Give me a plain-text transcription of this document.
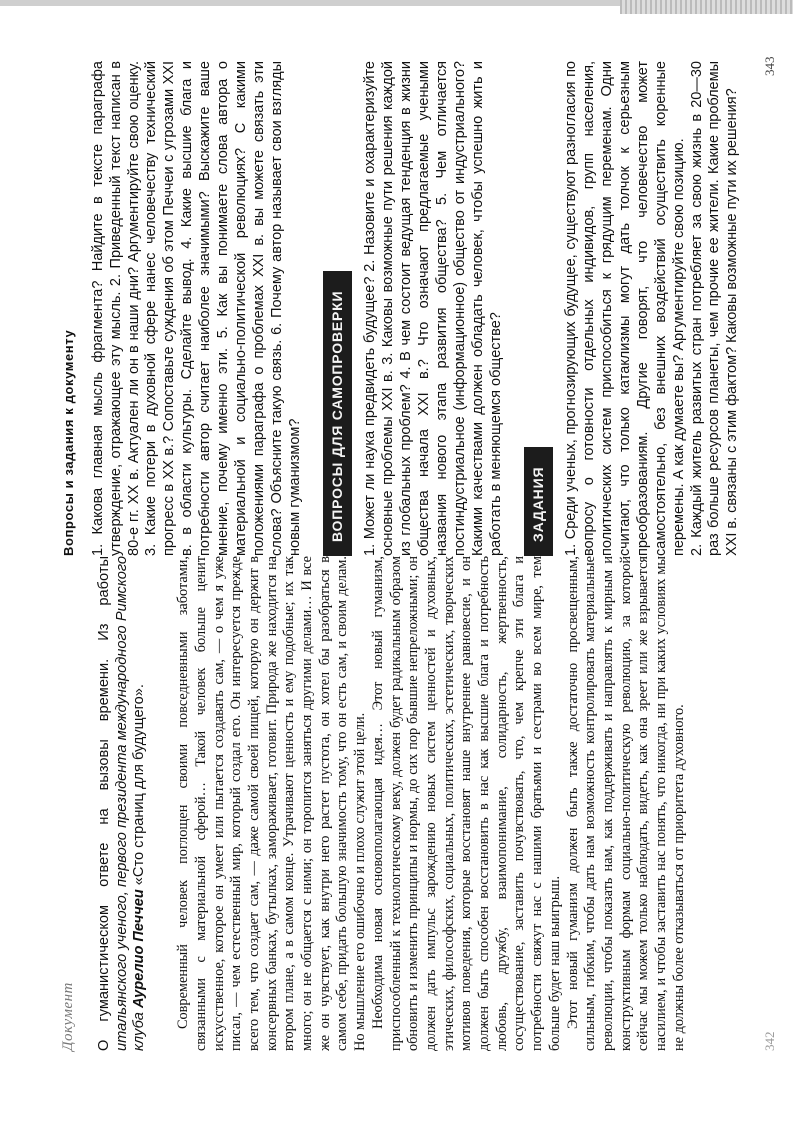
Документ О гуманистическом ответе на вызовы времени. Из работы итальянского ученого, первого президента международного Римского клуба Аурелио Печчеи «Сто страниц для будущего». Современный человек поглощен своими повседневными заботами, связанными с материальной сферой… Такой человек больше ценит искусственное, которое он умеет или пытается создавать сам, — о чем я уже писал, — чем естественный мир, который создал его. Он интересуется прежде всего тем, что создает сам, — даже самой своей пищей, которую он держит в консервных банках, бутылках, замораживает, готовит. Природа же находится на втором плане, а в самом конце. Утрачивают ценность и ему подобные; их так много; он не общается с ними; он торопится заняться другими делами… И все же он чувствует, как внутри него растет пустота, он хотел бы разобраться в самом себе, придать большую значимость тому, что он есть сам, и своим делам. Но мышление его ошибочно и плохо служит этой цели. Необходима новая основополагающая идея… Этот новый гуманизм, приспособленный к технологическому веку, должен будет радикальным образом обновить и изменить принципы и нормы, до сих пор бывшие непреложными; он должен дать импульс зарождению новых систем ценностей и духовных, этических, философских, социальных, политических, эстетических, творческих мотивов поведения, которые восстановят наше внутреннее равновесие, и он должен быть способен восстановить в нас как высшие блага и потребность любовь, дружбу, взаимопонимание, солидарность, жертвенность, сосуществование, заставить почувствовать, что, чем крепче эти блага и потребности свяжут нас с нашими братьями и сестрами во всем мире, тем больше будет наш выигрыш. Этот новый гуманизм должен быть также достаточно просвещенным, сильным, гибким, чтобы дать нам возможность контролировать материальные революции, чтобы показать нам, как поддерживать и направлять к мирным и конструктивным формам социально-политическую революцию, за которой сейчас мы можем только наблюдать, видеть, как она зреет или же взрывается насилием, и чтобы заставить нас понять, что никогда, ни при каких условиях мы не должны более отказываться от приоритета духовного.

Вопросы и задания к документу 1. Какова главная мысль фрагмента? Найдите в тексте параграфа утверждение, отражающее эту мысль. 2. Приведенный текст написан в 80-е гг. XX в. Актуален ли он в наши дни? Аргументируйте свою оценку. 3. Какие потери в духовной сфере нанес человечеству технический прогресс в XX в.? Сопоставьте суждения об этом Печчеи с угрозами XXI в. в области культуры. Сделайте вывод. 4. Какие высшие блага и потребности автор считает наиболее значимыми? Выскажите ваше мнение, почему именно эти. 5. Как вы понимаете слова автора о материальной и социально-политической революциях? С какими положениями параграфа о проблемах XXI в. вы можете связать эти слова? Объясните такую связь. 6. Почему автор называет свои взгляды новым гуманизмом? ВОПРОСЫ ДЛЯ САМОПРОВЕРКИ 1. Может ли наука предвидеть будущее? 2. Назовите и охарактеризуйте основные проблемы XXI в. 3. Каковы возможные пути решения каждой из глобальных проблем? 4. В чем состоит ведущая тенденция в жизни общества начала XXI в.? Что означают предлагаемые учеными названия нового этапа развития общества? 5. Чем отличается постиндустриальное (информационное) общество от индустриального? Какими качествами должен обладать человек, чтобы успешно жить и работать в меняющемся обществе? ЗАДАНИЯ 1. Среди ученых, прогнозирующих будущее, существуют разногласия по вопросу о готовности отдельных индивидов, групп населения, политических систем приспособиться к грядущим переменам. Одни считают, что только катаклизмы могут дать толчок к серьезным преобразованиям. Другие говорят, что человечество может самостоятельно, без внешних воздействий осуществить коренные перемены. А как думаете вы? Аргументируйте свою позицию. 2. Каждый житель развитых стран потребляет за свою жизнь в 20—30 раз больше ресурсов планеты, чем прочие ее жители. Какие проблемы XXI в. связаны с этим фактом? Каковы возможные пути их решения?

342
343
